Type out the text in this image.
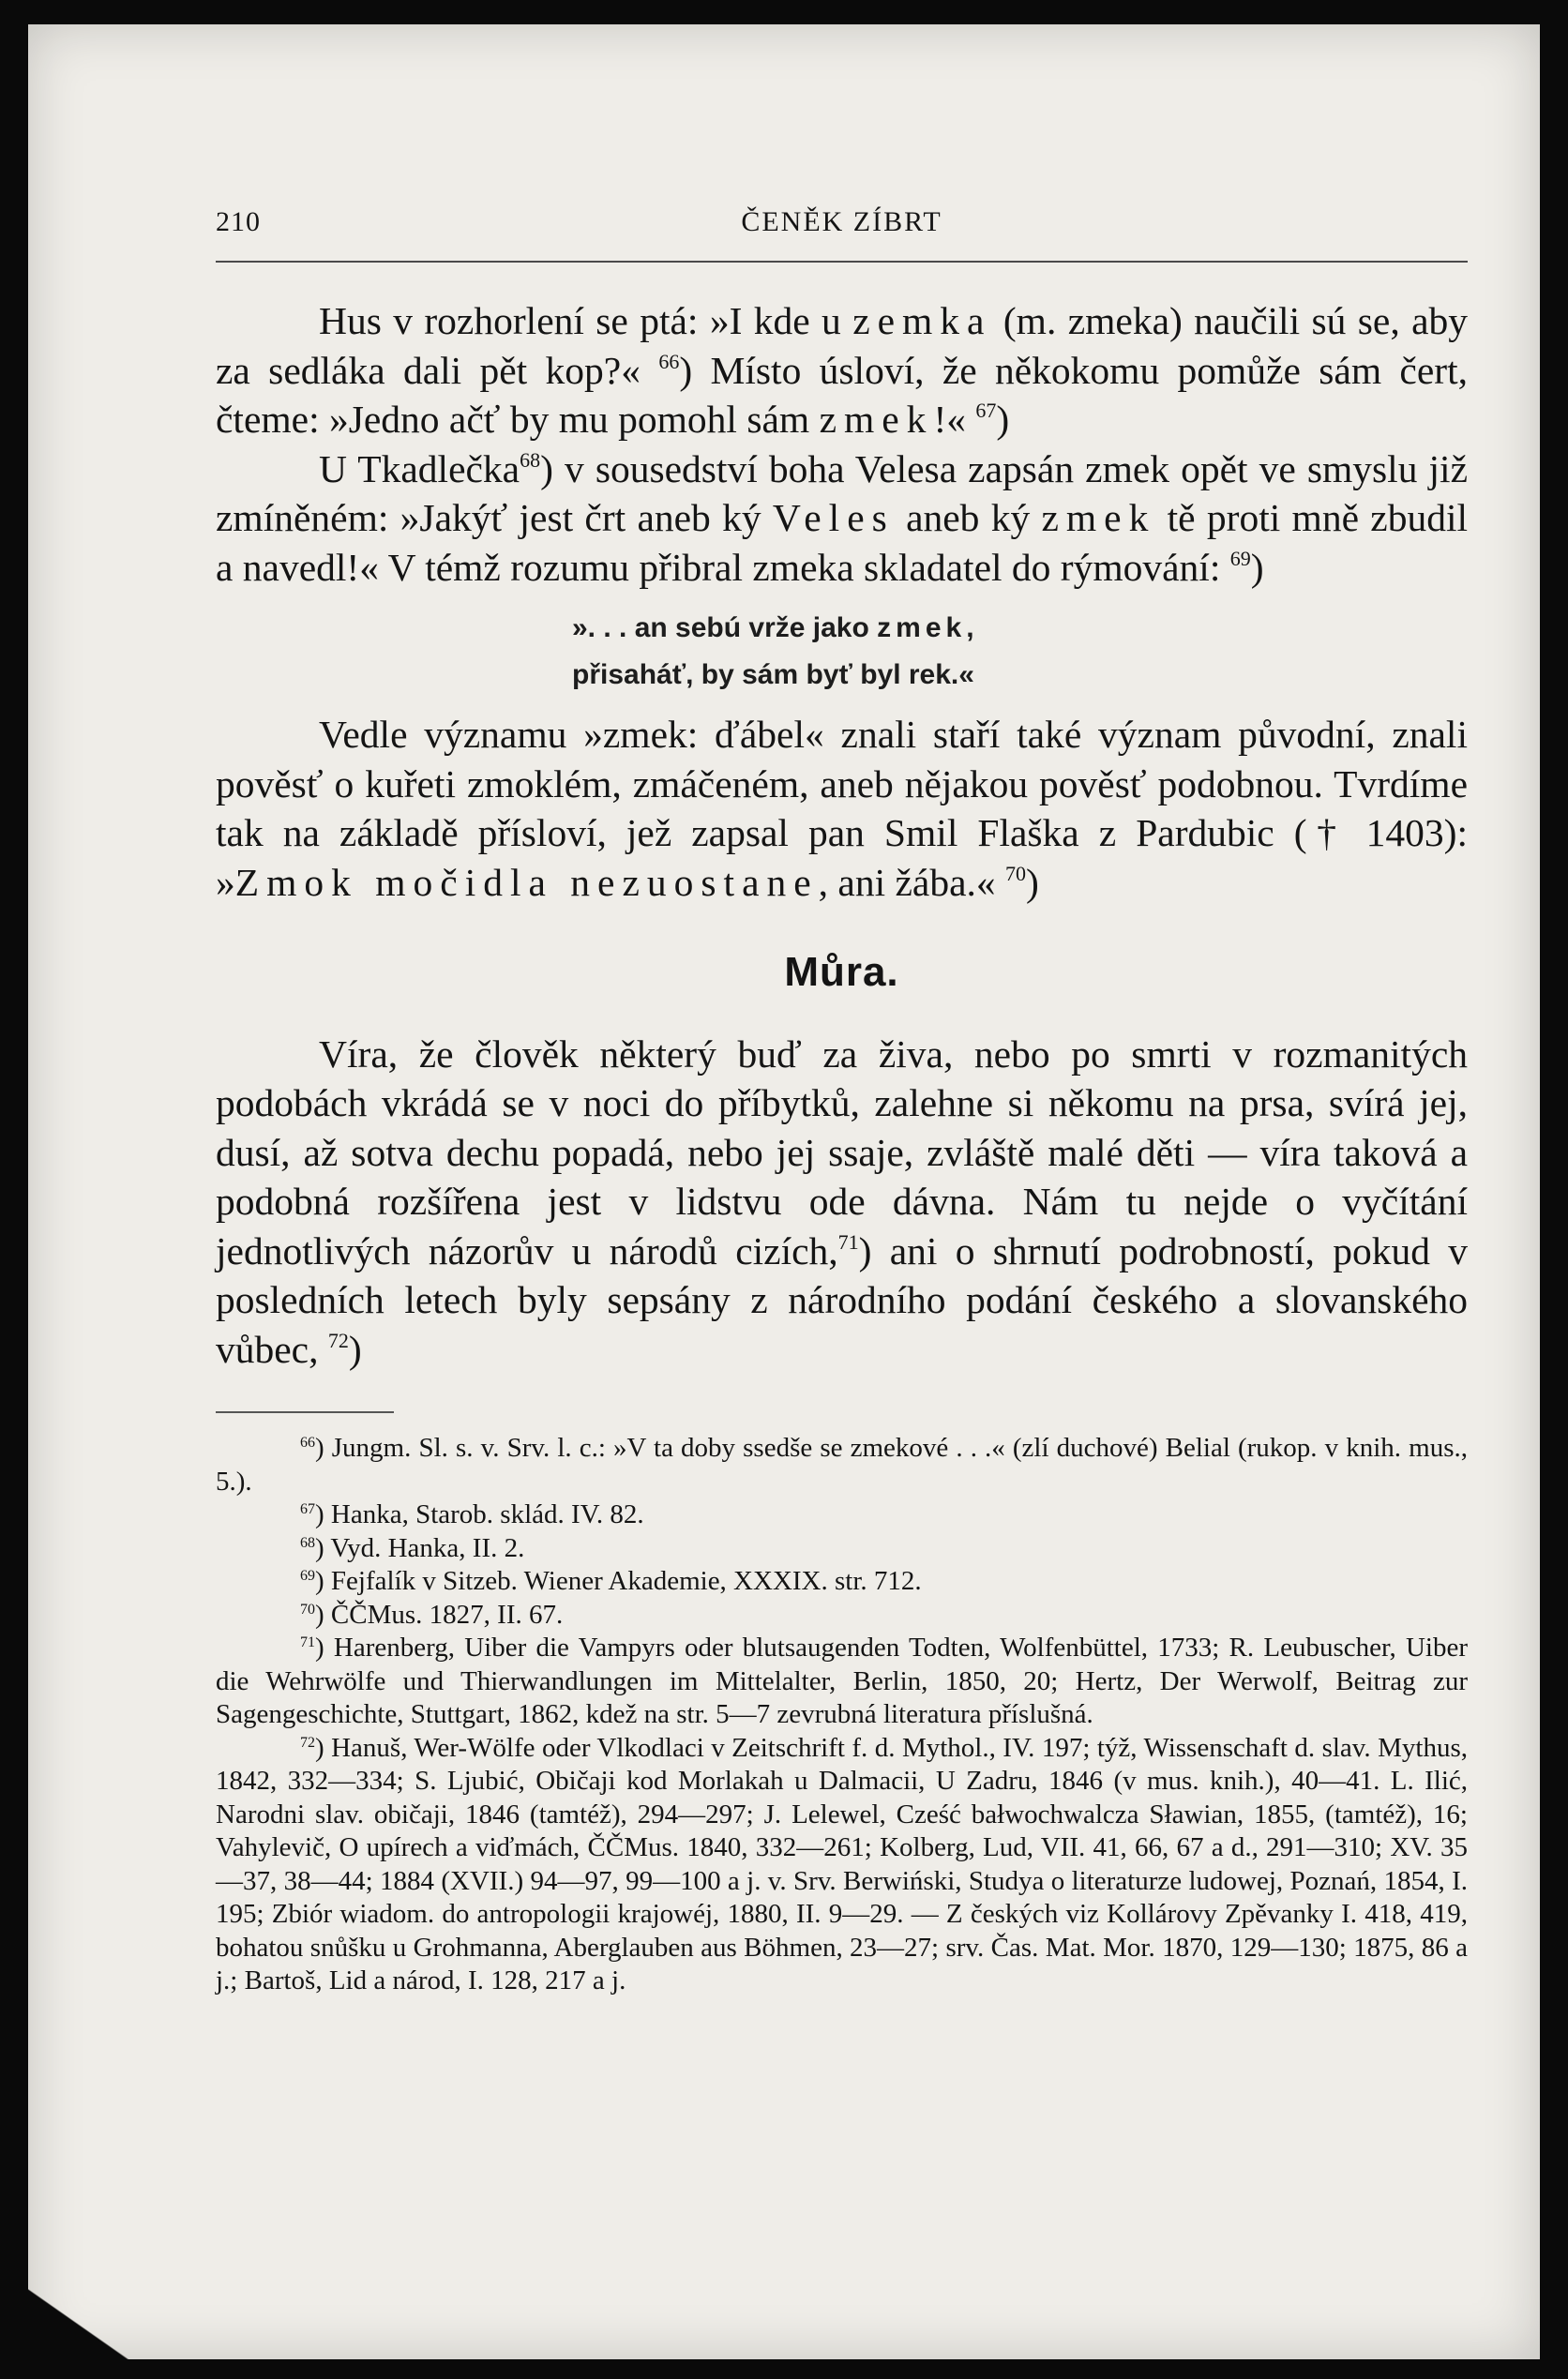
210	ČENĚK ZÍBRT

Hus v rozhorlení se ptá: »I kde u zemka (m. zmeka) naučili sú se, aby za sedláka dali pět kop?« $^{66}$) Místo úsloví, že někokomu pomůže sám čert, čteme: »Jedno ačť by mu pomohl sám zmek!« $^{67}$)

U Tkadlečka$^{68}$) v sousedství boha Velesa zapsán zmek opět ve smyslu již zmíněném: »Jakýť jest črt aneb ký Veles aneb ký zmek tě proti mně zbudil a navedl!« V témž rozumu přibral zmeka skladatel do rýmování: $^{69}$)

». . . an sebú vrže jako zmek,
přisaháť, by sám byť byl rek.«

Vedle významu »zmek: ďábel« znali staří také význam původní, znali pověsť o kuřeti zmoklém, zmáčeném, aneb nějakou pověsť podobnou. Tvrdíme tak na základě přísloví, jež zapsal pan Smil Flaška z Pardubic († 1403): »Zmok močidla nezuostane, ani žába.« $^{70}$)

Můra.

Víra, že člověk některý buď za živa, nebo po smrti v rozmanitých podobách vkrádá se v noci do příbytků, zalehne si někomu na prsa, svírá jej, dusí, až sotva dechu popadá, nebo jej ssaje, zvláště malé děti — víra taková a podobná rozšířena jest v lidstvu ode dávna. Nám tu nejde o vyčítání jednotlivých názorův u národů cizích,$^{71}$) ani o shrnutí podrobností, pokud v posledních letech byly sepsány z národního podání českého a slovanského vůbec, $^{72}$)

$^{66}$) Jungm. Sl. s. v. Srv. l. c.: »V ta doby ssedše se zmekové . . .« (zlí duchové) Belial (rukop. v knih. mus., 5.).

$^{67}$) Hanka, Starob. sklád. IV. 82.

$^{68}$) Vyd. Hanka, II. 2.

$^{69}$) Fejfalík v Sitzeb. Wiener Akademie, XXXIX. str. 712.

$^{70}$) ČČMus. 1827, II. 67.

$^{71}$) Harenberg, Uiber die Vampyrs oder blutsaugenden Todten, Wolfenbüttel, 1733; R. Leubuscher, Uiber die Wehrwölfe und Thierwandlungen im Mittelalter, Berlin, 1850, 20; Hertz, Der Werwolf, Beitrag zur Sagengeschichte, Stuttgart, 1862, kdež na str. 5—7 zevrubná literatura příslušná.

$^{72}$) Hanuš, Wer-Wölfe oder Vlkodlaci v Zeitschrift f. d. Mythol., IV. 197; týž, Wissenschaft d. slav. Mythus, 1842, 332—334; S. Ljubić, Običaji kod Morlakah u Dalmacii, U Zadru, 1846 (v mus. knih.), 40—41. L. Ilić, Narodni slav. običaji, 1846 (tamtéž), 294—297; J. Lelewel, Cześć bałwochwalcza Sławian, 1855, (tamtéž), 16; Vahylevič, O upírech a viďmách, ČČMus. 1840, 332—261; Kolberg, Lud, VII. 41, 66, 67 a d., 291—310; XV. 35—37, 38—44; 1884 (XVII.) 94—97, 99—100 a j. v. Srv. Berwiński, Studya o literaturze ludowej, Poznań, 1854, I. 195; Zbiór wiadom. do antropologii krajowéj, 1880, II. 9—29. — Z českých viz Kollárovy Zpěvanky I. 418, 419, bohatou snůšku u Grohmanna, Aberglauben aus Böhmen, 23—27; srv. Čas. Mat. Mor. 1870, 129—130; 1875, 86 a j.; Bartoš, Lid a národ, I. 128, 217 a j.
